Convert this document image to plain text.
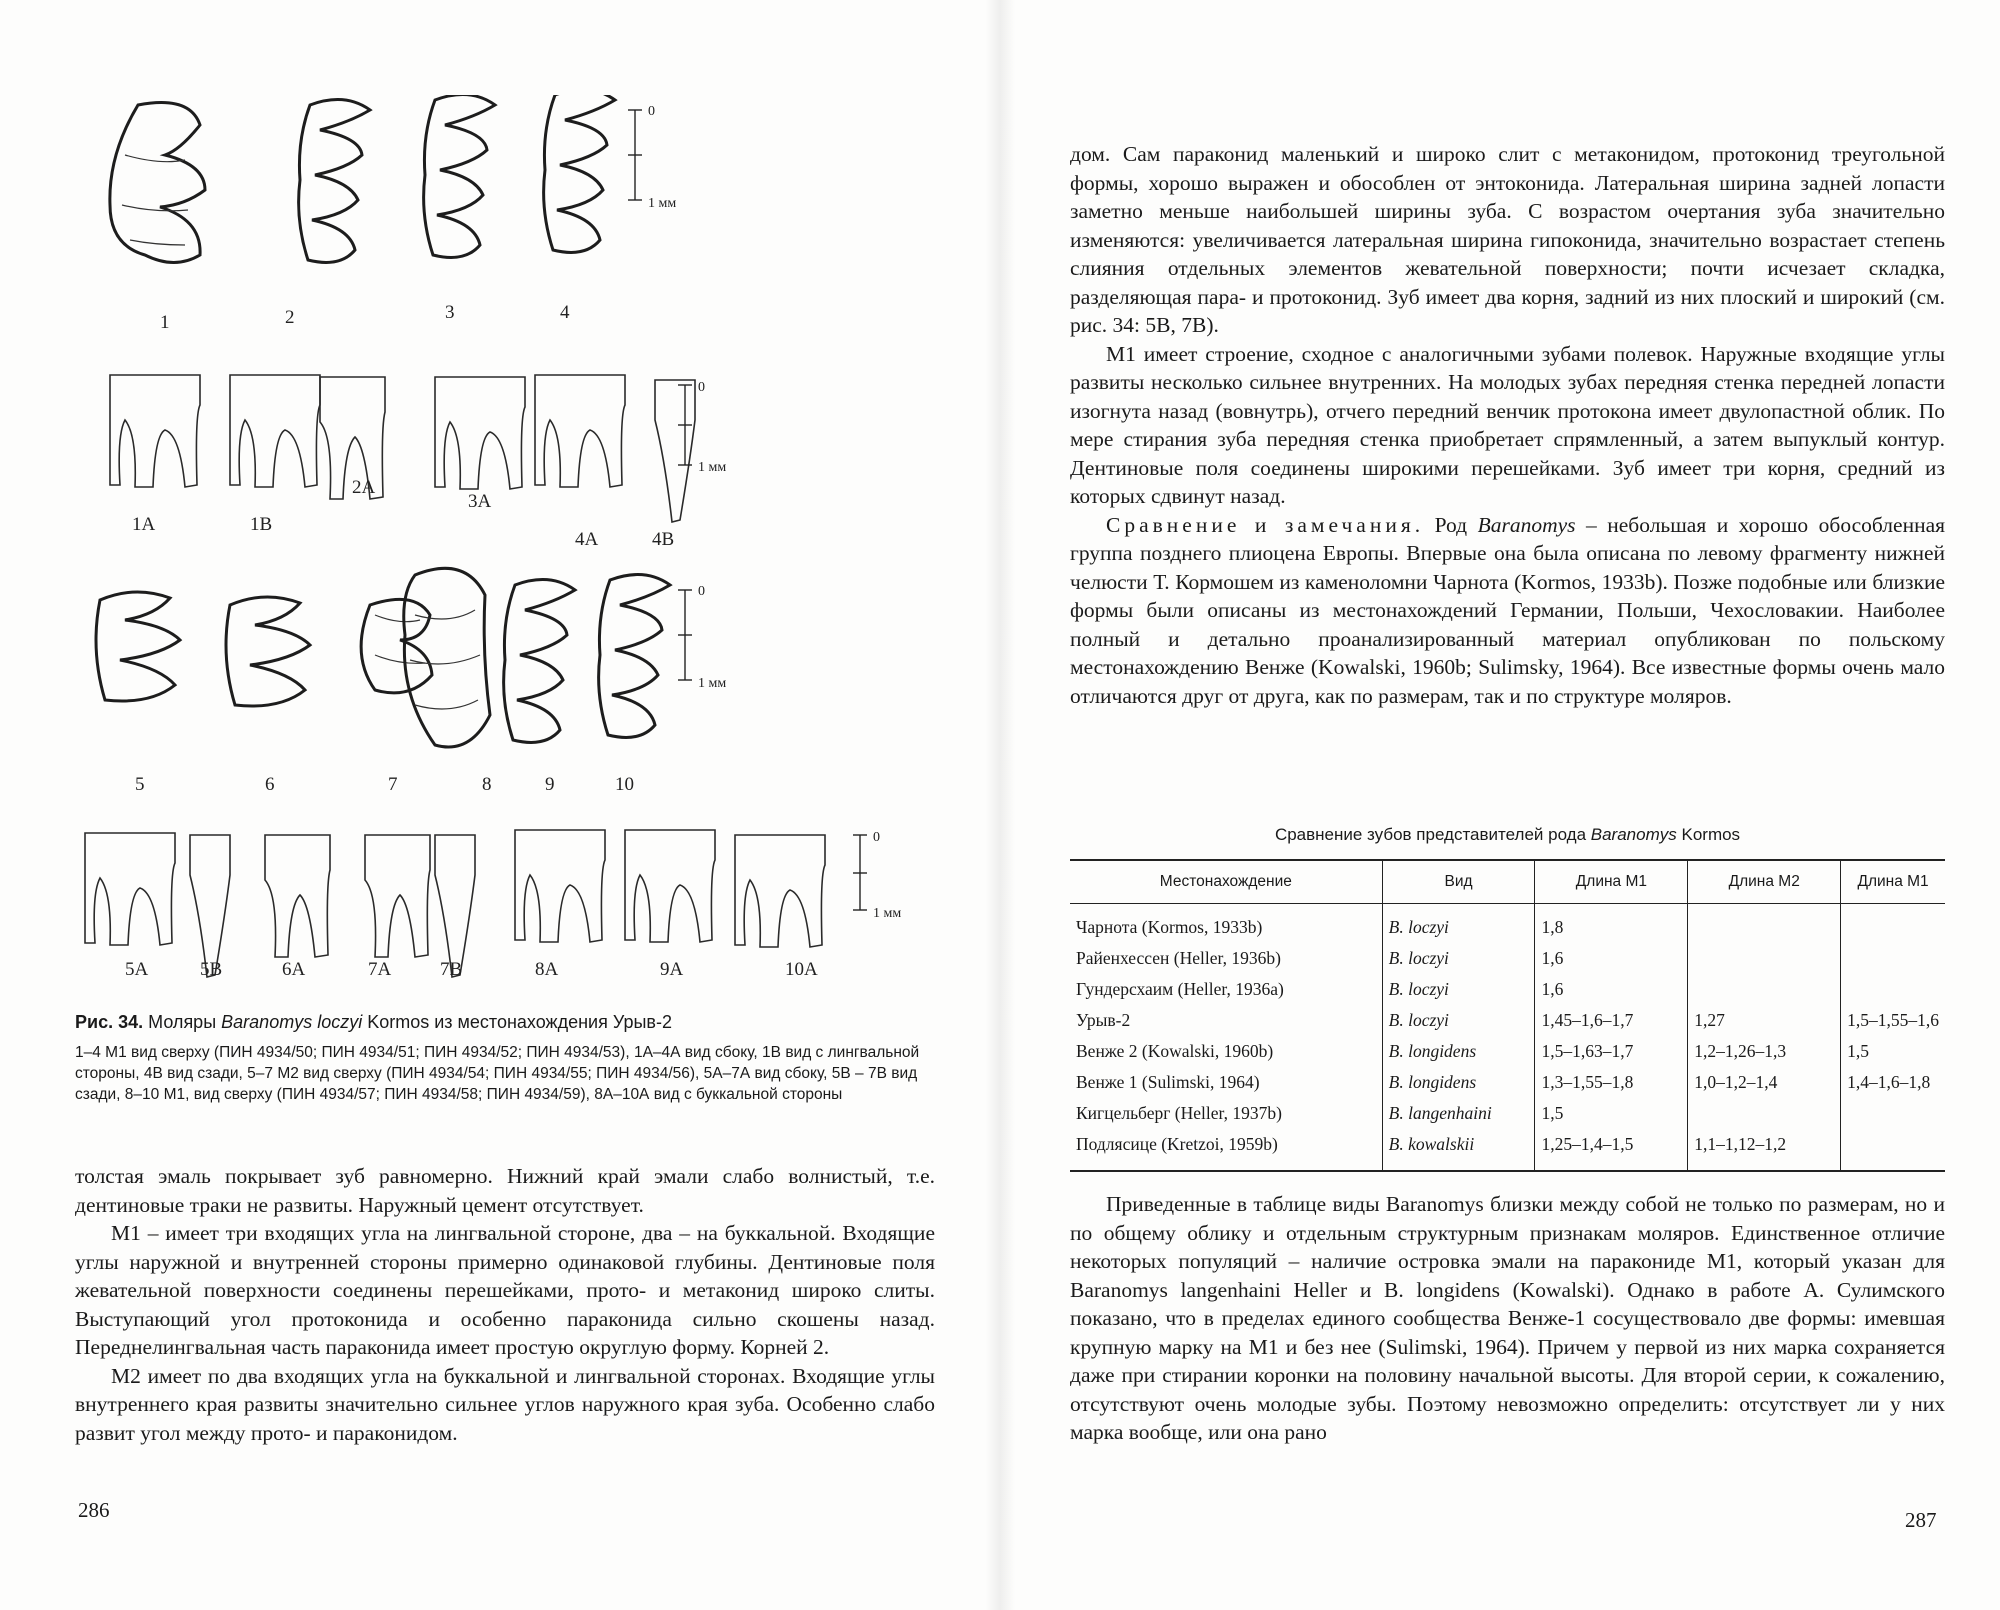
0
1 мм
1	2	3	4
0
1 мм
1A	1B
2A
3A
4A	4B
0
1 мм
5	6	7	8	9	10
0
1 мм
5A	5B	6A	7A	7B	8A	9A	10A

Рис. 34. Моляры Baranomys loczyi Kormos из местонахождения Урыв-2

1–4 M1 вид сверху (ПИН 4934/50; ПИН 4934/51; ПИН 4934/52; ПИН 4934/53), 1А–4А вид сбоку, 1В вид с лингвальной стороны, 4В вид сзади, 5–7 M2 вид сверху (ПИН 4934/54; ПИН 4934/55; ПИН 4934/56), 5А–7А вид сбоку, 5В – 7В вид сзади, 8–10 M1, вид сверху (ПИН 4934/57; ПИН 4934/58; ПИН 4934/59), 8А–10А вид с буккальной стороны

толстая эмаль покрывает зуб равномерно. Нижний край эмали слабо волнистый, т.е. дентиновые траки не развиты. Наружный цемент отсутствует.

M1 – имеет три входящих угла на лингвальной стороне, два – на буккальной. Входящие углы наружной и внутренней стороны примерно одинаковой глубины. Дентиновые поля жевательной поверхности соединены перешейками, прото- и метаконид широко слиты. Выступающий угол протоконида и особенно параконида сильно скошены назад. Переднелингвальная часть параконида имеет простую округлую форму. Корней 2.

M2 имеет по два входящих угла на буккальной и лингвальной сторонах. Входящие углы внутреннего края развиты значительно сильнее углов наружного края зуба. Особенно слабо развит угол между прото- и параконидом.

286

дом. Сам параконид маленький и широко слит с метаконидом, протоконид треугольной формы, хорошо выражен и обособлен от энтоконида. Латеральная ширина задней лопасти заметно меньше наибольшей ширины зуба. С возрастом очертания зуба значительно изменяются: увеличивается латеральная ширина гипоконида, значительно возрастает степень слияния отдельных элементов жевательной поверхности; почти исчезает складка, разделяющая пара- и протоконид. Зуб имеет два корня, задний из них плоский и широкий (см. рис. 34: 5В, 7В).

M1 имеет строение, сходное с аналогичными зубами полевок. Наружные входящие углы развиты несколько сильнее внутренних. На молодых зубах передняя стенка передней лопасти изогнута назад (вовнутрь), отчего передний венчик протокона имеет двулопастной облик. По мере стирания зуба передняя стенка приобретает спрямленный, а затем выпуклый контур. Дентиновые поля соединены широкими перешейками. Зуб имеет три корня, средний из которых сдвинут назад.

Сравнение и замечания. Род Baranomys – небольшая и хорошо обособленная группа позднего плиоцена Европы. Впервые она была описана по левому фрагменту нижней челюсти Т. Кормошем из каменоломни Чарнота (Kormos, 1933b). Позже подобные или близкие формы были описаны из местонахождений Германии, Польши, Чехословакии. Наиболее полный и детально проанализированный материал опубликован по польскому местонахождению Венже (Kowalski, 1960b; Sulimsky, 1964). Все известные формы очень мало отличаются друг от друга, как по размерам, так и по структуре моляров.

Сравнение зубов представителей рода Baranomys Kormos

Местонахождение	Вид	Длина M1	Длина M2	Длина M1
Чарнота (Kormos, 1933b)	B. loczyi	1,8		
Райенхессен (Heller, 1936b)	B. loczyi	1,6		
Гундерсхаим (Heller, 1936a)	B. loczyi	1,6		
Урыв-2	B. loczyi	1,45–1,6–1,7	1,27	1,5–1,55–1,6
Венже 2 (Kowalski, 1960b)	B. longidens	1,5–1,63–1,7	1,2–1,26–1,3	1,5
Венже 1 (Sulimski, 1964)	B. longidens	1,3–1,55–1,8	1,0–1,2–1,4	1,4–1,6–1,8
Кигцельберг (Heller, 1937b)	B. langenhaini	1,5		
Подлясице (Kretzoi, 1959b)	B. kowalskii	1,25–1,4–1,5	1,1–1,12–1,2	

Приведенные в таблице виды Baranomys близки между собой не только по размерам, но и по общему облику и отдельным структурным признакам моляров. Единственное отличие некоторых популяций – наличие островка эмали на паракониде M1, который указан для Baranomys langenhaini Heller и B. longidens (Kowalski). Однако в работе А. Сулимского показано, что в пределах единого сообщества Венже-1 сосуществовало две формы: имевшая крупную марку на M1 и без нее (Sulimski, 1964). Причем у первой из них марка сохраняется даже при стирании коронки на половину начальной высоты. Для второй серии, к сожалению, отсутствуют очень молодые зубы. Поэтому невозможно определить: отсутствует ли у них марка вообще, или она рано

287
